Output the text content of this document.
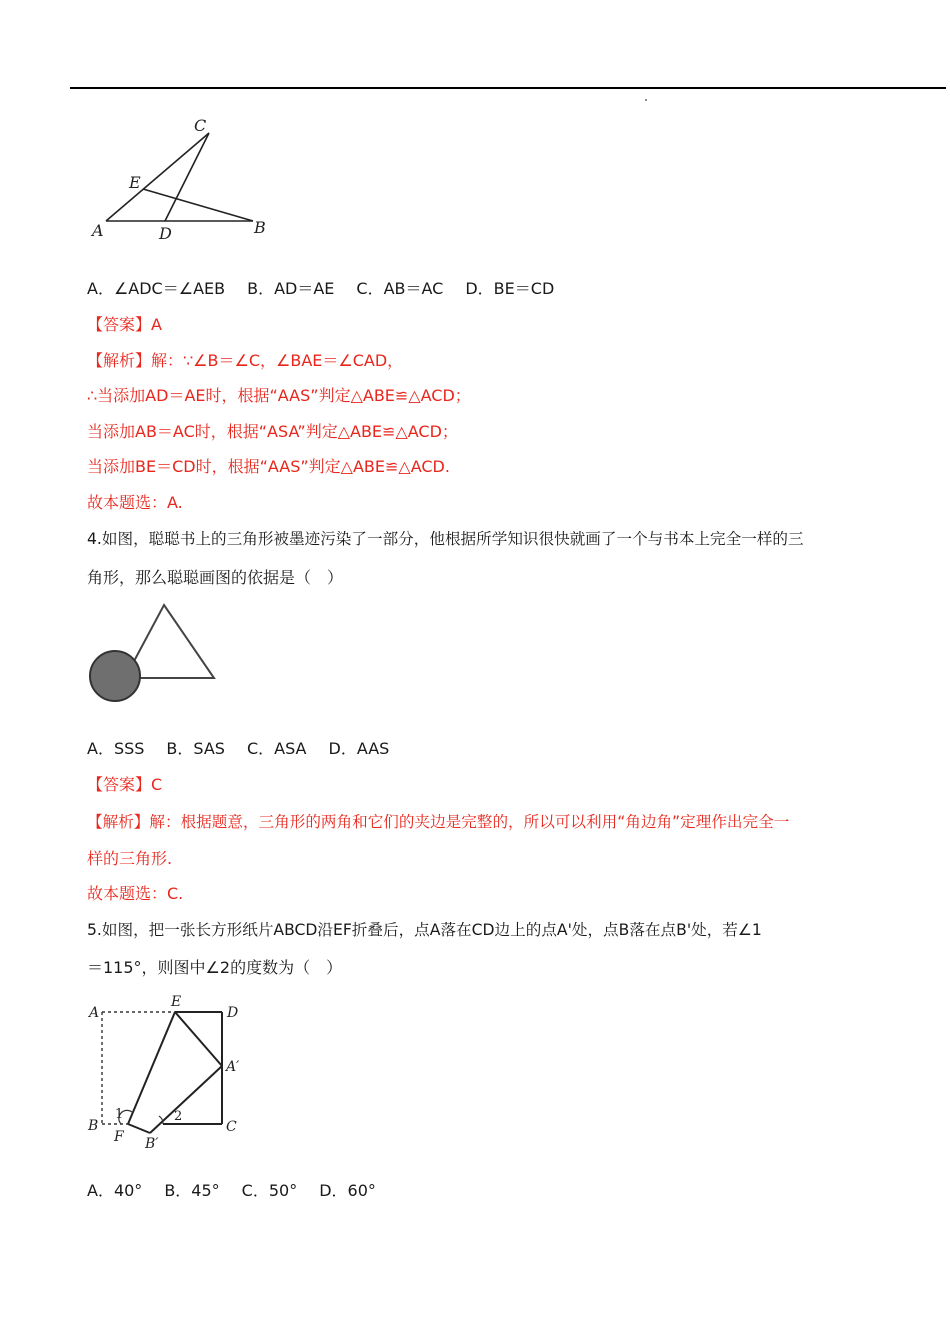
C
E
A	D	B
A．∠ADC＝∠AEB B．AD＝AE C．AB＝AC D．BE＝CD
【答案】A
【解析】解：∵∠B＝∠C，∠BAE＝∠CAD，
∴当添加AD＝AE时，根据“AAS”判定△ABE≌△ACD；
当添加AB＝AC时，根据“ASA”判定△ABE≌△ACD；
当添加BE＝CD时，根据“AAS”判定△ABE≌△ACD.
故本题选：A.
4.如图，聪聪书上的三角形被墨迹污染了一部分，他根据所学知识很快就画了一个与书本上完全一样的三
角形，那么聪聪画图的依据是（　）
A．SSS B．SAS C．ASA D．AAS
【答案】C
【解析】解：根据题意，三角形的两角和它们的夹边是完整的，所以可以利用“角边角”定理作出完全一
样的三角形.
故本题选：C.
5.如图，把一张长方形纸片ABCD沿EF折叠后，点A落在CD边上的点A'处，点B落在点B'处，若∠1
＝115°，则图中∠2的度数为（　）
A
E
D
A′
B
1	2
F B′
C
A．40° B．45° C．50° D．60°
